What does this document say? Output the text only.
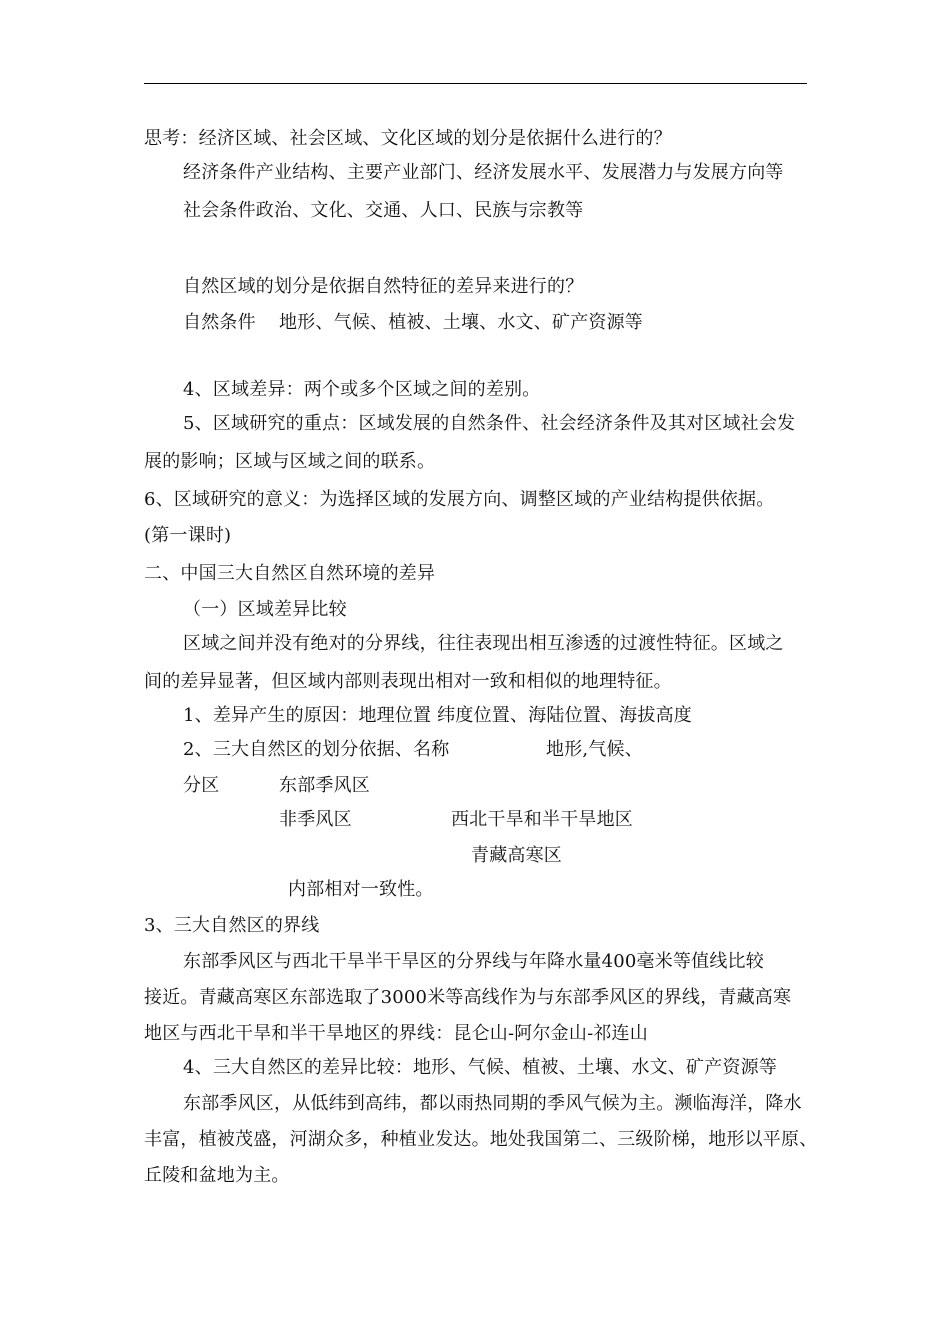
思考：经济区域、社会区域、文化区域的划分是依据什么进行的？
经济条件产业结构、主要产业部门、经济发展水平、发展潜力与发展方向等
社会条件政治、文化、交通、人口、民族与宗教等
自然区域的划分是依据自然特征的差异来进行的？
自然条件 地形、气候、植被、土壤、水文、矿产资源等
4、区域差异：两个或多个区域之间的差别。
5、区域研究的重点：区域发展的自然条件、社会经济条件及其对区域社会发
展的影响；区域与区域之间的联系。
6、区域研究的意义：为选择区域的发展方向、调整区域的产业结构提供依据。
(第一课时)
二、中国三大自然区自然环境的差异
（一）区域差异比较
区域之间并没有绝对的分界线，往往表现出相互渗透的过渡性特征。区域之
间的差异显著，但区域内部则表现出相对一致和相似的地理特征。
1、差异产生的原因：地理位置 纬度位置、海陆位置、海拔高度
2、三大自然区的划分依据、名称	地形,气候、
分区	东部季风区
非季风区	西北干旱和半干旱地区
青藏高寒区
内部相对一致性。
3、三大自然区的界线
东部季风区与西北干旱半干旱区的分界线与年降水量400毫米等值线比较
接近。青藏高寒区东部选取了3000米等高线作为与东部季风区的界线，青藏高寒
地区与西北干旱和半干旱地区的界线：昆仑山-阿尔金山-祁连山
4、三大自然区的差异比较：地形、气候、植被、土壤、水文、矿产资源等
东部季风区，从低纬到高纬，都以雨热同期的季风气候为主。濒临海洋，降水
丰富，植被茂盛，河湖众多，种植业发达。地处我国第二、三级阶梯，地形以平原、
丘陵和盆地为主。
